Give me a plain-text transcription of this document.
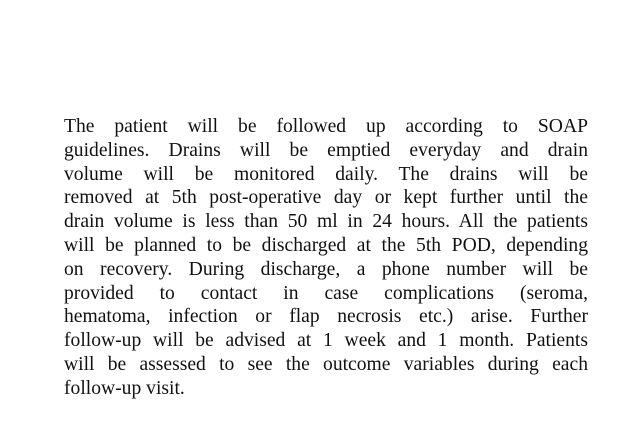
The patient will be followed up according to SOAP
guidelines. Drains will be emptied everyday and drain
volume will be monitored daily. The drains will be
removed at 5th post-operative day or kept further until the
drain volume is less than 50 ml in 24 hours. All the patients
will be planned to be discharged at the 5th POD, depending
on recovery. During discharge, a phone number will be
provided to contact in case complications (seroma,
hematoma, infection or flap necrosis etc.) arise. Further
follow-up will be advised at 1 week and 1 month. Patients
will be assessed to see the outcome variables during each
follow-up visit.
